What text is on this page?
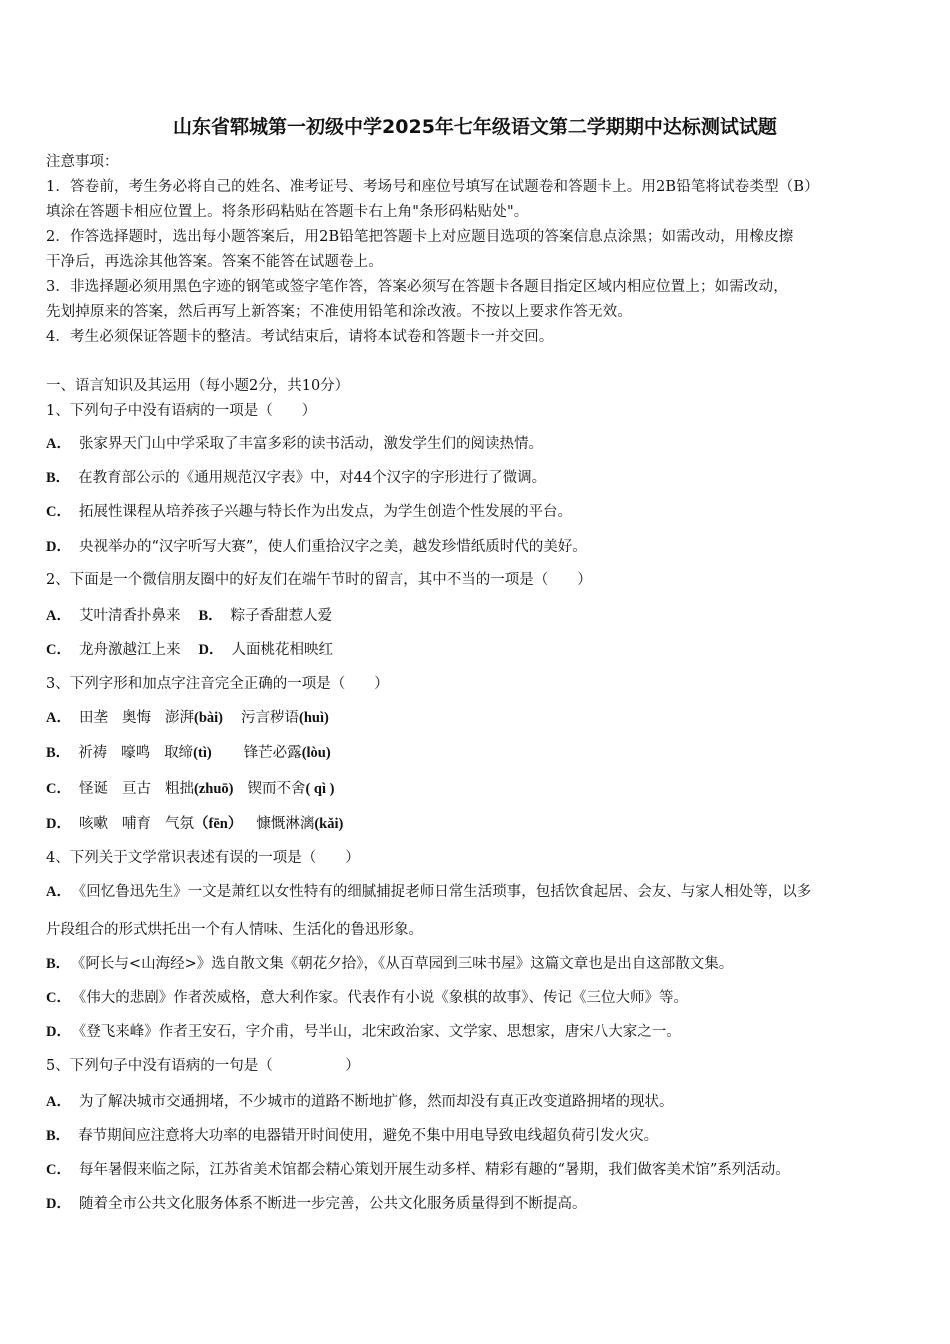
山东省郓城第一初级中学2025年七年级语文第二学期期中达标测试试题
注意事项：
1．答卷前，考生务必将自己的姓名、准考证号、考场号和座位号填写在试题卷和答题卡上。用2B铅笔将试卷类型（B）
填涂在答题卡相应位置上。将条形码粘贴在答题卡右上角"条形码粘贴处"。
2．作答选择题时，选出每小题答案后，用2B铅笔把答题卡上对应题目选项的答案信息点涂黑；如需改动，用橡皮擦
干净后，再选涂其他答案。答案不能答在试题卷上。
3．非选择题必须用黑色字迹的钢笔或签字笔作答，答案必须写在答题卡各题目指定区域内相应位置上；如需改动，
先划掉原来的答案，然后再写上新答案；不准使用铅笔和涂改液。不按以上要求作答无效。
4．考生必须保证答题卡的整洁。考试结束后，请将本试卷和答题卡一并交回。
一、语言知识及其运用（每小题2分，共10分）
1、下列句子中没有语病的一项是（　　）
A． 张家界天门山中学采取了丰富多彩的读书活动，激发学生们的阅读热情。
B． 在教育部公示的《通用规范汉字表》中，对44个汉字的字形进行了微调。
C． 拓展性课程从培养孩子兴趣与特长作为出发点，为学生创造个性发展的平台。
D． 央视举办的“汉字听写大赛”，使人们重拾汉字之美，越发珍惜纸质时代的美好。
2、下面是一个微信朋友圈中的好友们在端午节时的留言，其中不当的一项是（　　）
A． 艾叶清香扑鼻来 B． 粽子香甜惹人爱
C． 龙舟激越江上来 D． 人面桃花相映红
3、下列字形和加点字注音完全正确的一项是（　　）
A． 田垄 奥悔 澎湃(bài) 污言秽语(huì)
B． 祈祷 嚎鸣 取缔(tì) 锋芒必露(lòu)
C． 怪诞 亘古 粗拙(zhuō) 锲而不舍( qì )
D． 咳嗽 哺育 气氛（fēn） 慷慨淋漓(kǎi)
4、下列关于文学常识表述有误的一项是（　　）
A． 《回忆鲁迅先生》一文是萧红以女性特有的细腻捕捉老师日常生活琐事，包括饮食起居、会友、与家人相处等，以多
片段组合的形式烘托出一个有人情味、生活化的鲁迅形象。
B． 《阿长与<山海经>》选自散文集《朝花夕拾》，《从百草园到三味书屋》这篇文章也是出自这部散文集。
C． 《伟大的悲剧》作者茨威格，意大利作家。代表作有小说《象棋的故事》、传记《三位大师》等。
D． 《登飞来峰》作者王安石，字介甫，号半山，北宋政治家、文学家、思想家，唐宋八大家之一。
5、下列句子中没有语病的一句是（　　　　　）
A． 为了解决城市交通拥堵，不少城市的道路不断地扩修，然而却没有真正改变道路拥堵的现状。
B． 春节期间应注意将大功率的电器错开时间使用，避免不集中用电导致电线超负荷引发火灾。
C． 每年暑假来临之际，江苏省美术馆都会精心策划开展生动多样、精彩有趣的“暑期，我们做客美术馆”系列活动。
D． 随着全市公共文化服务体系不断进一步完善，公共文化服务质量得到不断提高。
